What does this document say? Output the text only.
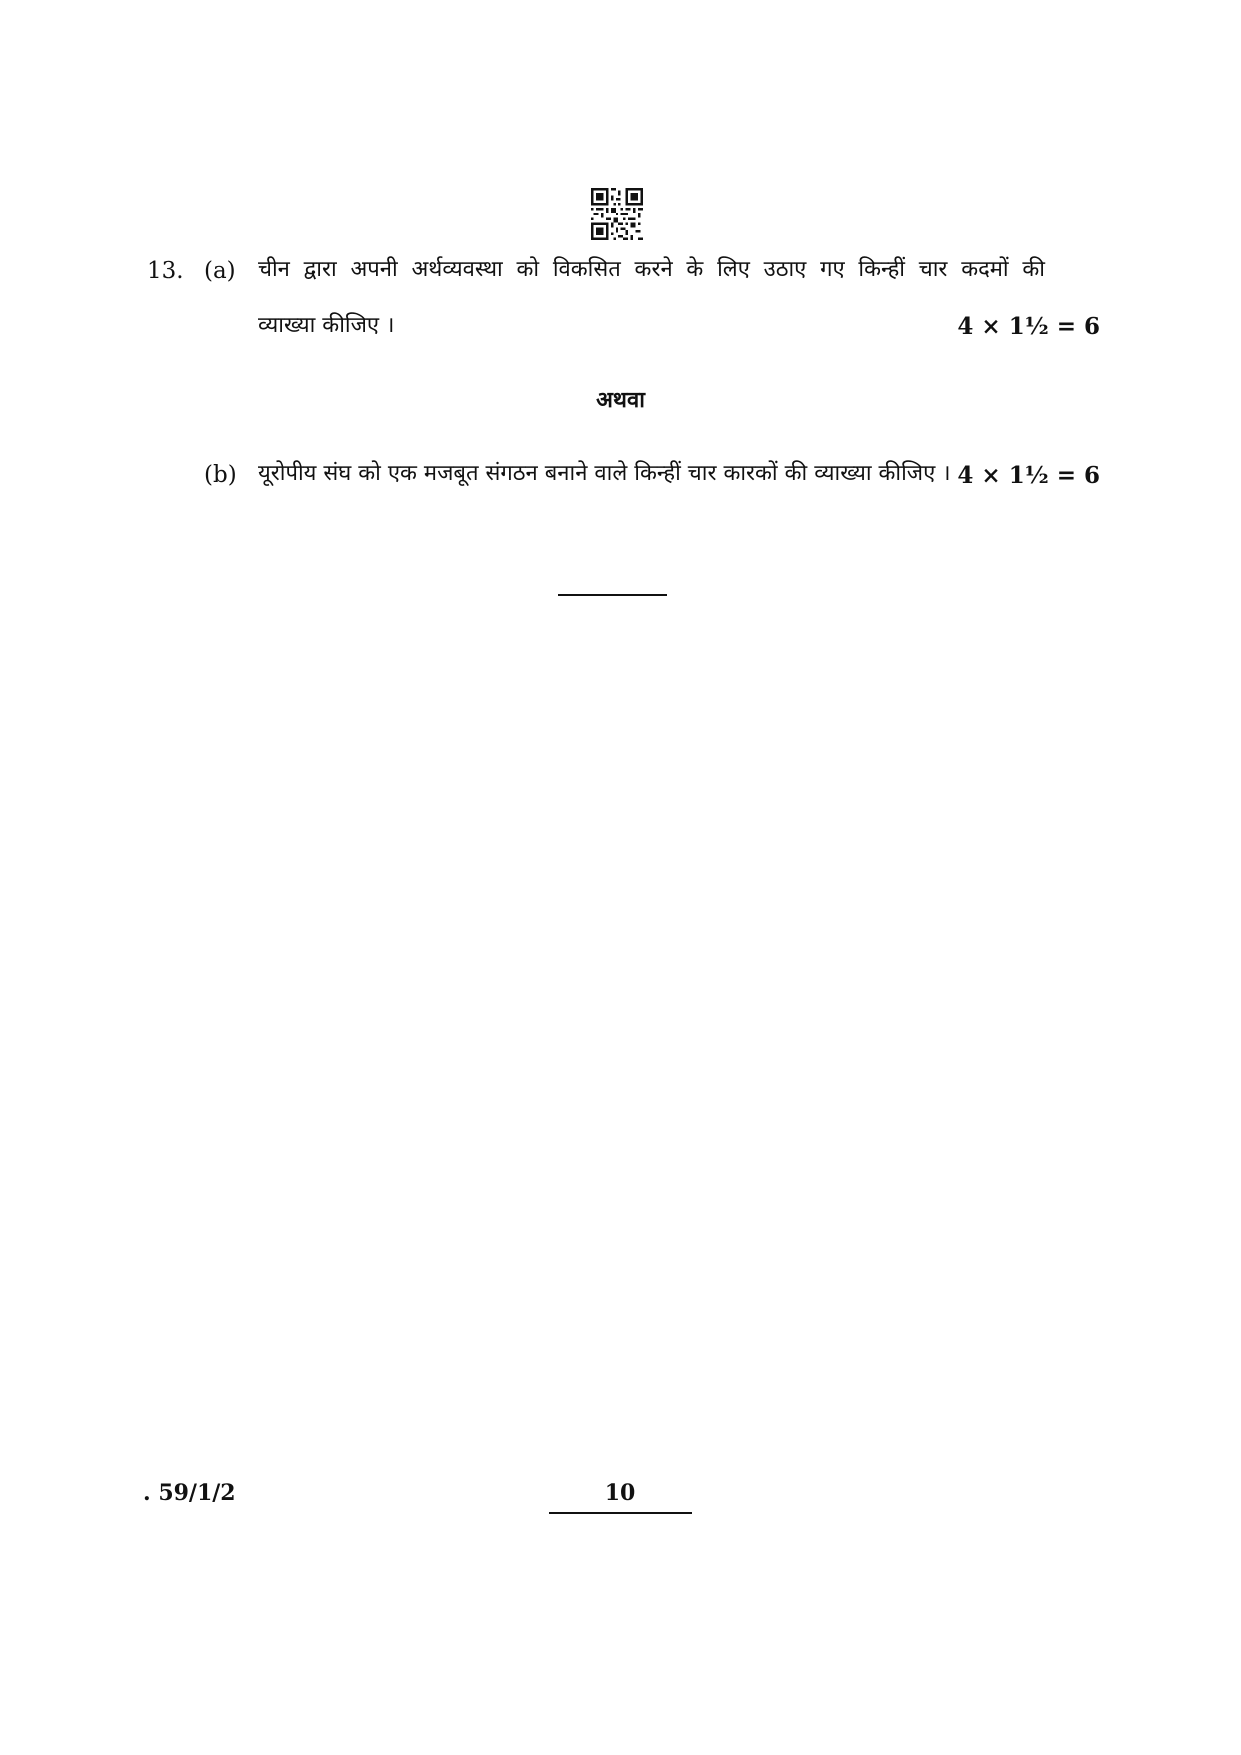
13. (a) चीन द्वारा अपनी अर्थव्यवस्था को विकसित करने के लिए उठाए गए किन्हीं चार कदमों की
व्याख्या कीजिए ।	4 × 1½ = 6
अथवा
(b) यूरोपीय संघ को एक मजबूत संगठन बनाने वाले किन्हीं चार कारकों की व्याख्या कीजिए । 4 × 1½ = 6
. 59/1/2	10
